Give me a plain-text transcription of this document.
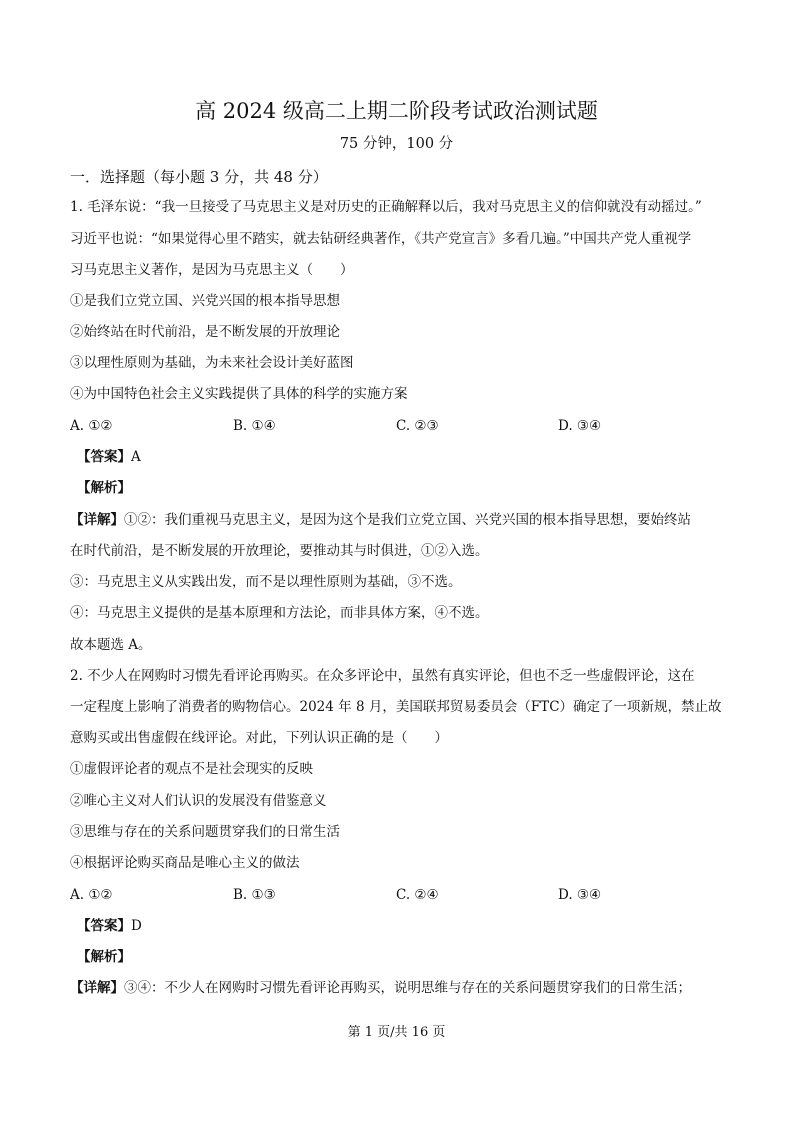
高 2024 级高二上期二阶段考试政治测试题
75 分钟，100 分
一．选择题（每小题 3 分，共 48 分）
1. 毛泽东说：“我一旦接受了马克思主义是对历史的正确解释以后，我对马克思主义的信仰就没有动摇过。”
习近平也说：“如果觉得心里不踏实，就去钻研经典著作，《共产党宣言》多看几遍。”中国共产党人重视学
习马克思主义著作，是因为马克思主义（　　）
①是我们立党立国、兴党兴国的根本指导思想
②始终站在时代前沿，是不断发展的开放理论
③以理性原则为基础，为未来社会设计美好蓝图
④为中国特色社会主义实践提供了具体的科学的实施方案
A. ①②	B. ①④	C. ②③	D. ③④
【答案】A
【解析】
【详解】①②：我们重视马克思主义，是因为这个是我们立党立国、兴党兴国的根本指导思想，要始终站
在时代前沿，是不断发展的开放理论，要推动其与时俱进，①②入选。
③：马克思主义从实践出发，而不是以理性原则为基础，③不选。
④：马克思主义提供的是基本原理和方法论，而非具体方案，④不选。
故本题选 A。
2. 不少人在网购时习惯先看评论再购买。在众多评论中，虽然有真实评论，但也不乏一些虚假评论，这在
一定程度上影响了消费者的购物信心。2024 年 8 月，美国联邦贸易委员会（FTC）确定了一项新规，禁止故
意购买或出售虚假在线评论。对此，下列认识正确的是（　　）
①虚假评论者的观点不是社会现实的反映
②唯心主义对人们认识的发展没有借鉴意义
③思维与存在的关系问题贯穿我们的日常生活
④根据评论购买商品是唯心主义的做法
A. ①②	B. ①③	C. ②④	D. ③④
【答案】D
【解析】
【详解】③④：不少人在网购时习惯先看评论再购买，说明思维与存在的关系问题贯穿我们的日常生活；
第 1 页/共 16 页
